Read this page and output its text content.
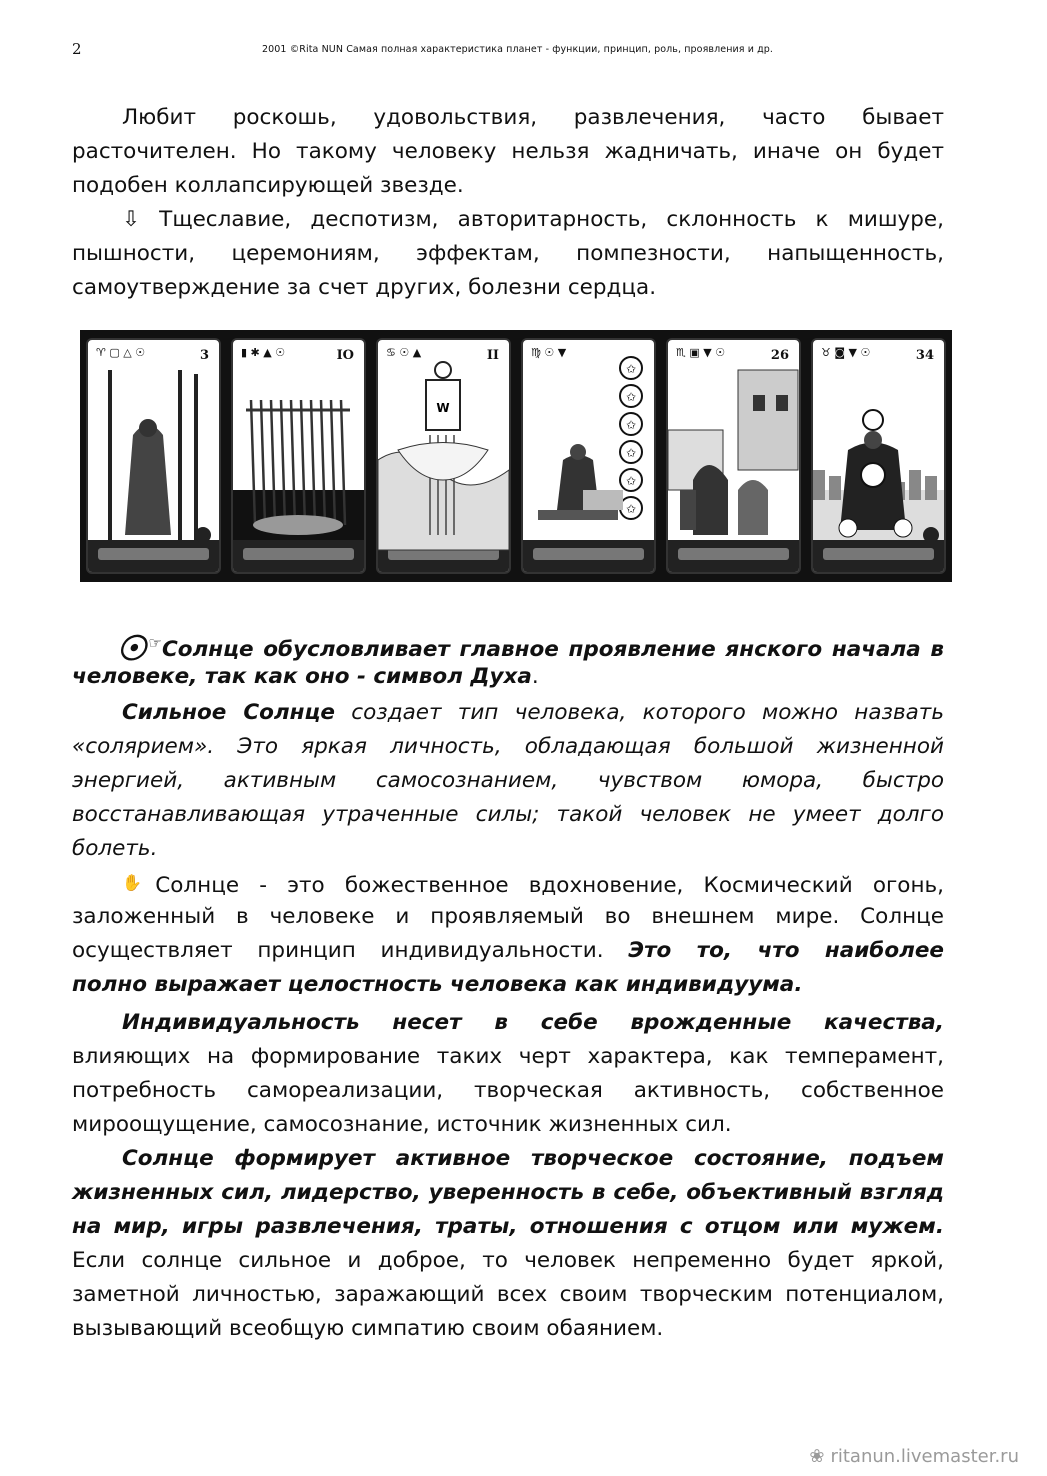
2	2001 ©Rita NUN Самая полная характеристика планет - функции, принцип, роль, проявления и др.
Любит роскошь, удовольствия, развлечения, часто бывает
расточителен. Но такому человеку нельзя жадничать, иначе он будет
подобен коллапсирующей звезде.
⇩ Тщеславие, деспотизм, авторитарность, склонность к мишуре,
пышности, церемониям, эффектам, помпезности, напыщенность,
самоутверждение за счет других, болезни сердца.
♈ ▢ △ ☉	3	▮ ✱ ▲ ☉	IO
W
♋ ☉ ▲	II
✩
✩
✩
✩
✩
✩
♍ ☉ ▼	♏ ▣ ▼ ☉	26	♉ ◙ ▼ ☉	34
☉ ☞Солнце обусловливает главное проявление янского начала в
человеке, так как оно - символ Духа.
Сильное Солнце создает тип человека, которого можно назвать
«солярием». Это яркая личность, обладающая большой жизненной
энергией, активным самосознанием, чувством юмора, быстро
восстанавливающая утраченные силы; такой человек не умеет долго
болеть.
✋Солнце - это божественное вдохновение, Космический огонь,
заложенный в человеке и проявляемый во внешнем мире. Солнце
осуществляет принцип индивидуальности. Это то, что наиболее
полно выражает целостность человека как индивидуума.
Индивидуальность несет в себе врожденные качества,
влияющих на формирование таких черт характера, как темперамент,
потребность самореализации, творческая активность, собственное
мироощущение, самосознание, источник жизненных сил.
Солнце формирует активное творческое состояние, подъем
жизненных сил, лидерство, уверенность в себе, объективный взгляд
на мир, игры развлечения, траты, отношения с отцом или мужем.
Если солнце сильное и доброе, то человек непременно будет яркой,
заметной личностью, заражающий всех своим творческим потенциалом,
вызывающий всеобщую симпатию своим обаянием.
❀ ritanun.livemaster.ru
